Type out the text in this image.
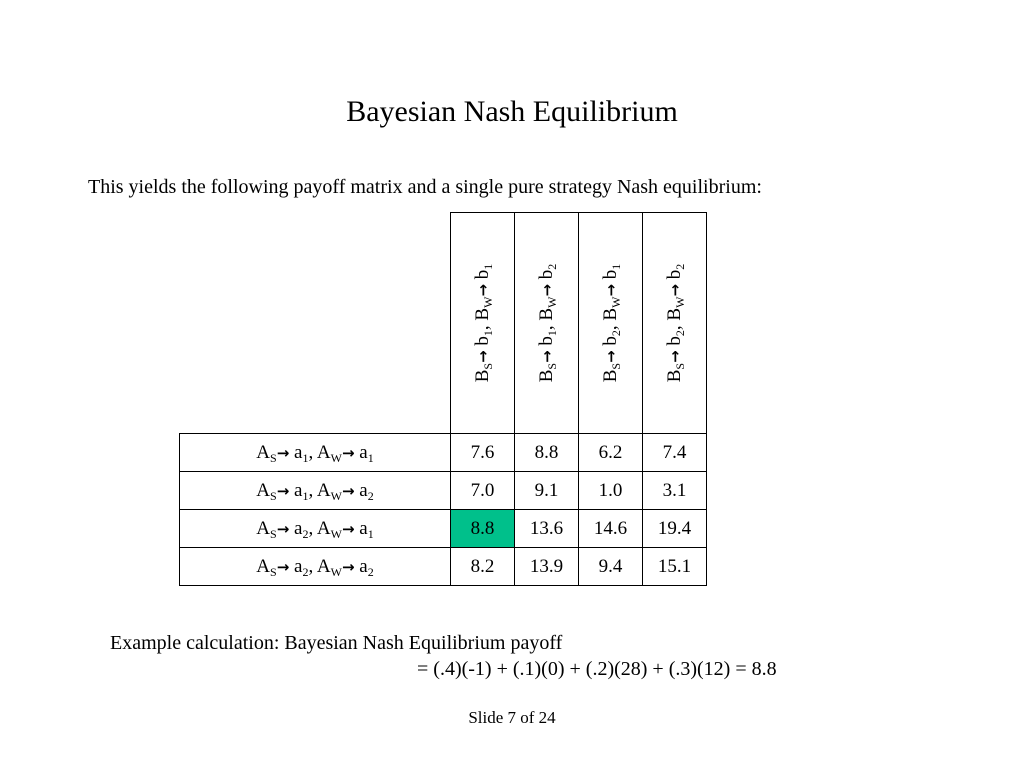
Bayesian Nash Equilibrium
This yields the following payoff matrix and a single pure strategy Nash equilibrium:

	$B_S\to b_1$, $B_W\to b_1$	$B_S\to b_1$, $B_W\to b_2$	$B_S\to b_2$, $B_W\to b_1$	$B_S\to b_2$, $B_W\to b_2$

$A_S\to a_1$, $A_W\to a_1$	7.6	8.8	6.2	7.4
$A_S\to a_1$, $A_W\to a_2$	7.0	9.1	1.0	3.1
$A_S\to a_2$, $A_W\to a_1$	8.8	13.6	14.6	19.4
$A_S\to a_2$, $A_W\to a_2$	8.2	13.9	9.4	15.1
Example calculation: Bayesian Nash Equilibrium payoff
= (.4)(-1) + (.1)(0) + (.2)(28) + (.3)(12) = 8.8
Slide 7 of 24
